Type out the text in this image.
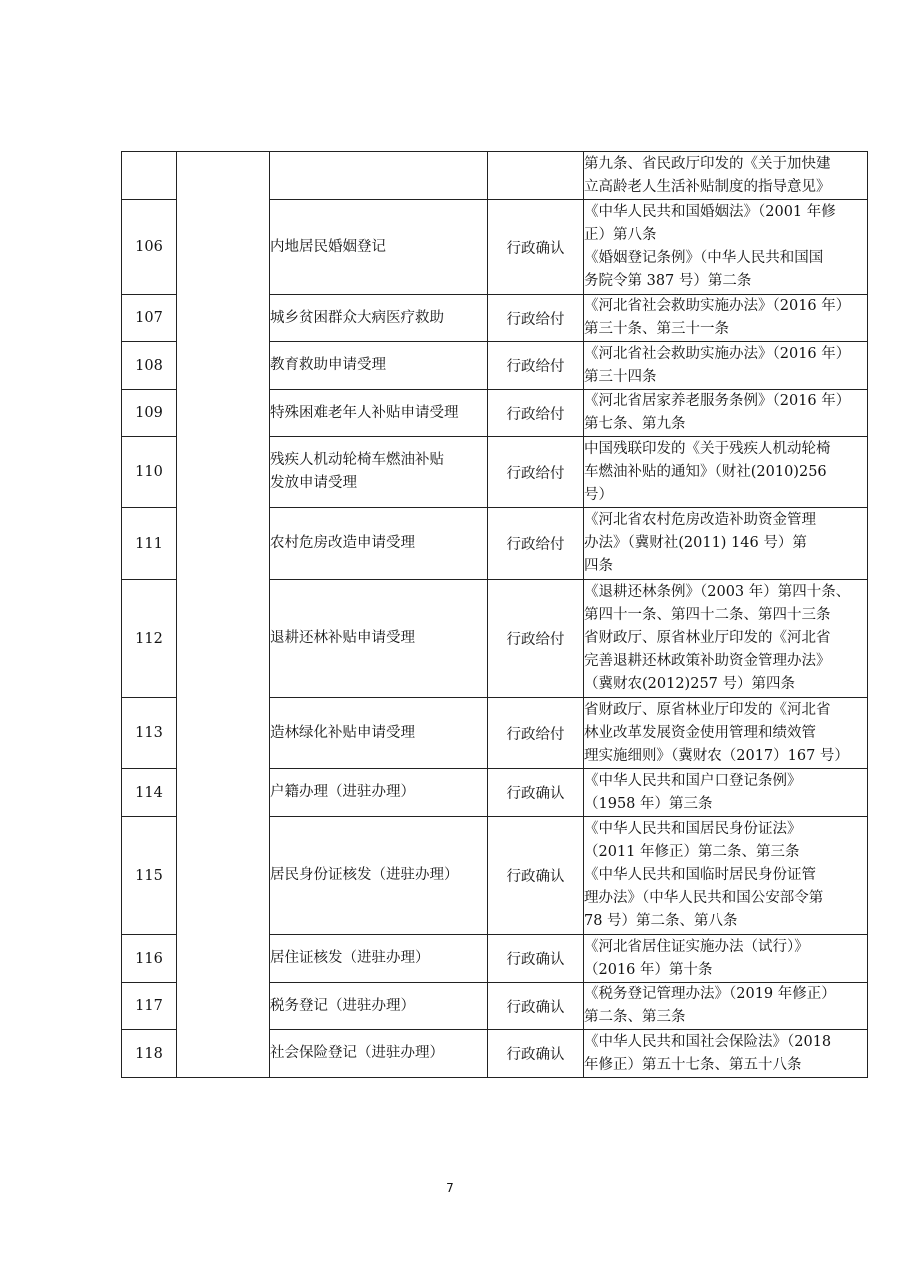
				第九条、省民政厅印发的《关于加快建
立高龄老人生活补贴制度的指导意见》

106		内地居民婚姻登记	行政确认	《中华人民共和国婚姻法》（2001 年修
正）第八条
《婚姻登记条例》（中华人民共和国国
务院令第 387 号）第二条

107		城乡贫困群众大病医疗救助	行政给付	《河北省社会救助实施办法》（2016 年）
第三十条、第三十一条

108		教育救助申请受理	行政给付	《河北省社会救助实施办法》（2016 年）
第三十四条

109		特殊困难老年人补贴申请受理	行政给付	《河北省居家养老服务条例》（2016 年）
第七条、第九条

110		残疾人机动轮椅车燃油补贴
发放申请受理	行政给付	中国残联印发的《关于残疾人机动轮椅
车燃油补贴的通知》（财社(2010)256
号）

111		农村危房改造申请受理	行政给付	《河北省农村危房改造补助资金管理
办法》（冀财社(2011) 146 号）第
四条

112		退耕还林补贴申请受理	行政给付	《退耕还林条例》（2003 年）第四十条、
第四十一条、第四十二条、第四十三条
省财政厅、原省林业厅印发的《河北省
完善退耕还林政策补助资金管理办法》
（冀财农(2012)257 号）第四条

113		造林绿化补贴申请受理	行政给付	省财政厅、原省林业厅印发的《河北省
林业改革发展资金使用管理和绩效管
理实施细则》（冀财农（2017）167 号）

114		户籍办理（进驻办理）	行政确认	《中华人民共和国户口登记条例》
（1958 年）第三条

115		居民身份证核发（进驻办理）	行政确认	《中华人民共和国居民身份证法》
（2011 年修正）第二条、第三条
《中华人民共和国临时居民身份证管
理办法》（中华人民共和国公安部令第
78 号）第二条、第八条

116		居住证核发（进驻办理）	行政确认	《河北省居住证实施办法（试行）》
（2016 年）第十条

117		税务登记（进驻办理）	行政确认	《税务登记管理办法》（2019 年修正）
第二条、第三条

118		社会保险登记（进驻办理）	行政确认	《中华人民共和国社会保险法》（2018
年修正）第五十七条、第五十八条
7
